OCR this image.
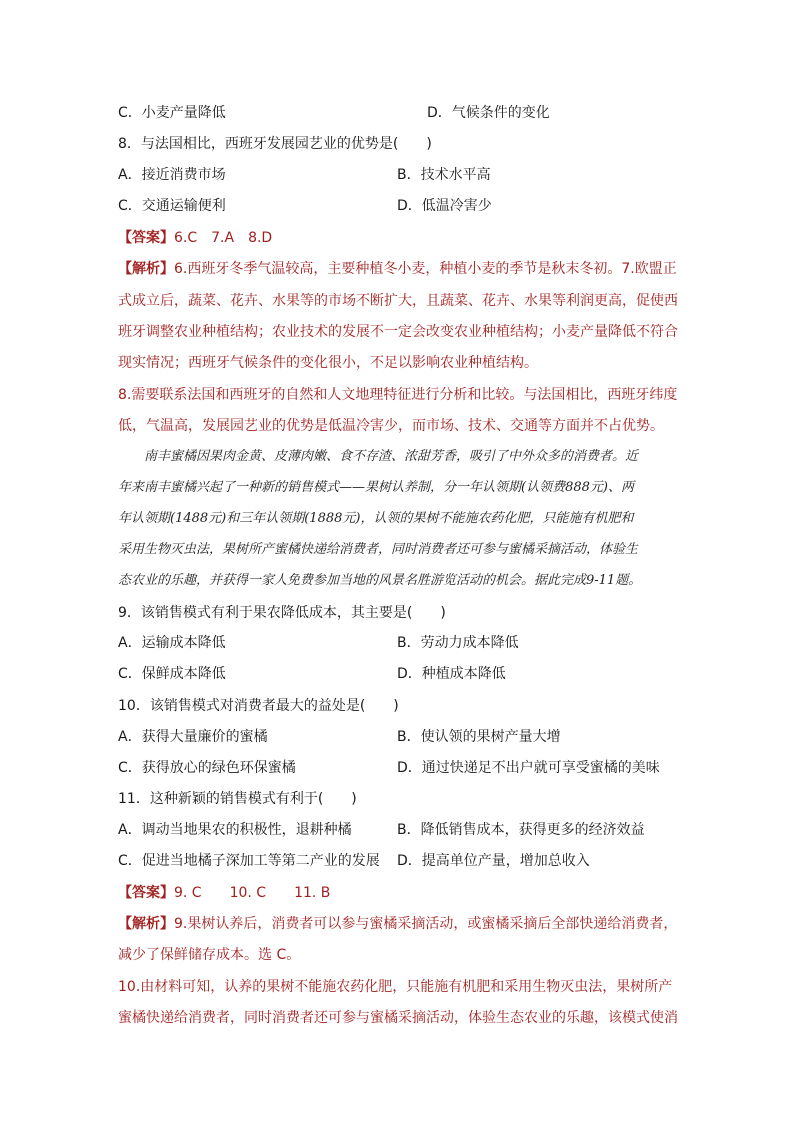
C．小麦产量降低	D．气候条件的变化
8．与法国相比，西班牙发展园艺业的优势是(　　)
A．接近消费市场	B．技术水平高
C．交通运输便利	D．低温冷害少
【答案】6.C　7.A　8.D
【解析】6.西班牙冬季气温较高，主要种植冬小麦，种植小麦的季节是秋末冬初。7.欧盟正
式成立后，蔬菜、花卉、水果等的市场不断扩大，且蔬菜、花卉、水果等利润更高，促使西
班牙调整农业种植结构；农业技术的发展不一定会改变农业种植结构；小麦产量降低不符合
现实情况；西班牙气候条件的变化很小，不足以影响农业种植结构。
8.需要联系法国和西班牙的自然和人文地理特征进行分析和比较。与法国相比，西班牙纬度
低，气温高，发展园艺业的优势是低温冷害少，而市场、技术、交通等方面并不占优势。
　　南丰蜜橘因果肉金黄、皮薄肉嫩、食不存渣、浓甜芳香，吸引了中外众多的消费者。近
年来南丰蜜橘兴起了一种新的销售模式——果树认养制，分一年认领期(认领费888元)、两
年认领期(1488元)和三年认领期(1888元)，认领的果树不能施农药化肥，只能施有机肥和
采用生物灭虫法，果树所产蜜橘快递给消费者，同时消费者还可参与蜜橘采摘活动，体验生
态农业的乐趣，并获得一家人免费参加当地的风景名胜游览活动的机会。据此完成9-11题。
9．该销售模式有利于果农降低成本，其主要是(　　)
A．运输成本降低	B．劳动力成本降低
C．保鲜成本降低	D．种植成本降低
10．该销售模式对消费者最大的益处是(　　)
A．获得大量廉价的蜜橘	B．使认领的果树产量大增
C．获得放心的绿色环保蜜橘	D．通过快递足不出户就可享受蜜橘的美味
11．这种新颖的销售模式有利于(　　)
A．调动当地果农的积极性，退耕种橘	B．降低销售成本，获得更多的经济效益
C．促进当地橘子深加工等第二产业的发展 D．提高单位产量，增加总收入
【答案】9. C　　10. C　　11. B
【解析】9.果树认养后，消费者可以参与蜜橘采摘活动，或蜜橘采摘后全部快递给消费者，
减少了保鲜储存成本。选 C。
10.由材料可知，认养的果树不能施农药化肥，只能施有机肥和采用生物灭虫法，果树所产
蜜橘快递给消费者，同时消费者还可参与蜜橘采摘活动，体验生态农业的乐趣，该模式使消
